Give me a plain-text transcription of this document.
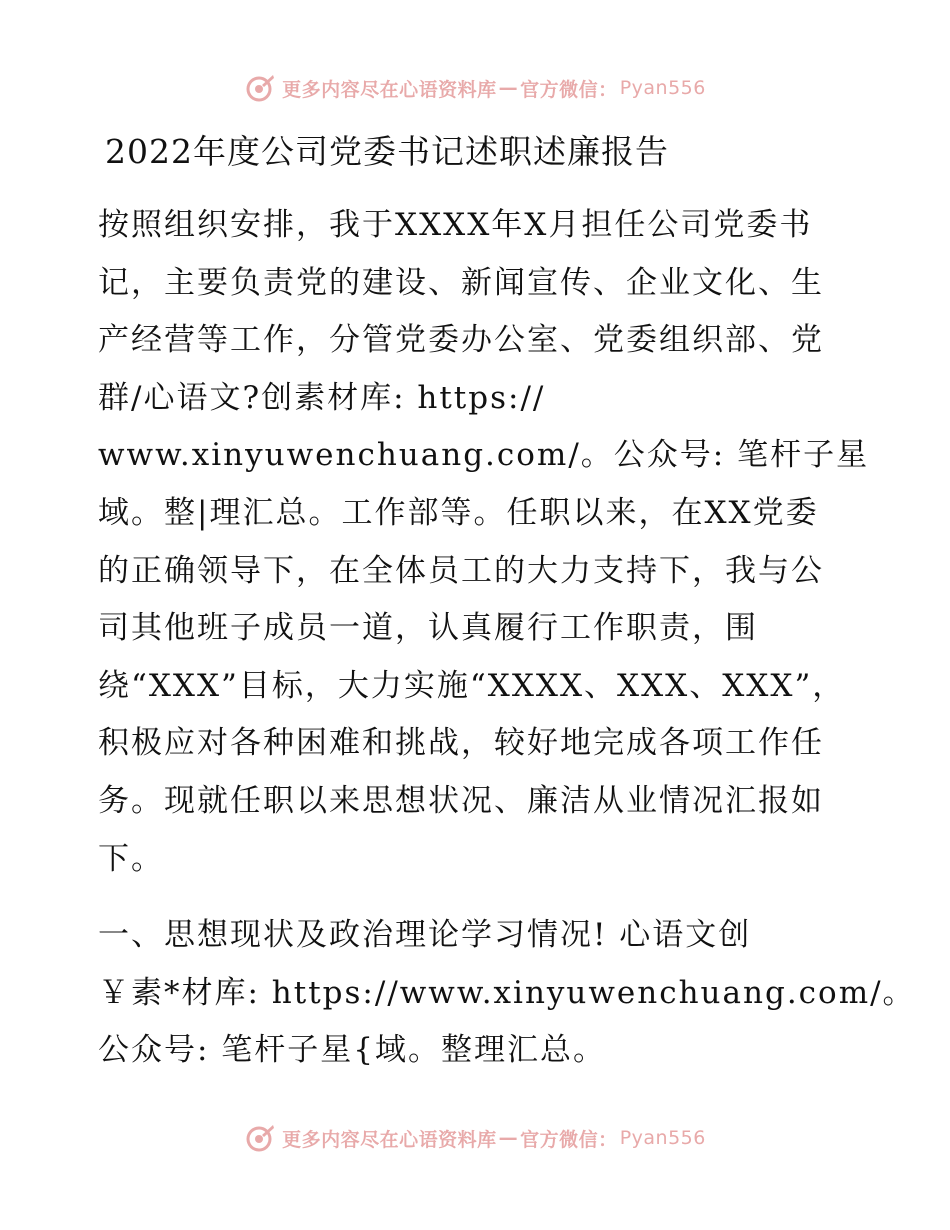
更多内容尽在心语资料库 — 官方微信： Pyan556
2022年度公司党委书记述职述廉报告

按照组织安排，我于XXXX年X月担任公司党委书
记，主要负责党的建设、新闻宣传、企业文化、生
产经营等工作，分管党委办公室、党委组织部、党
群/心语文?创素材库: https://
www.xinyuwenchuang.com/。公众号: 笔杆子星
域。整|理汇总。工作部等。任职以来，在XX党委
的正确领导下，在全体员工的大力支持下，我与公
司其他班子成员一道，认真履行工作职责，围
绕“XXX”目标，大力实施“XXXX、XXX、XXX”，
积极应对各种困难和挑战，较好地完成各项工作任
务。现就任职以来思想状况、廉洁从业情况汇报如
下。

一、思想现状及政治理论学习情况! 心语文创
￥素*材库: https://www.xinyuwenchuang.com/。
公众号: 笔杆子星{域。整理汇总。

更多内容尽在心语资料库 — 官方微信： Pyan556
